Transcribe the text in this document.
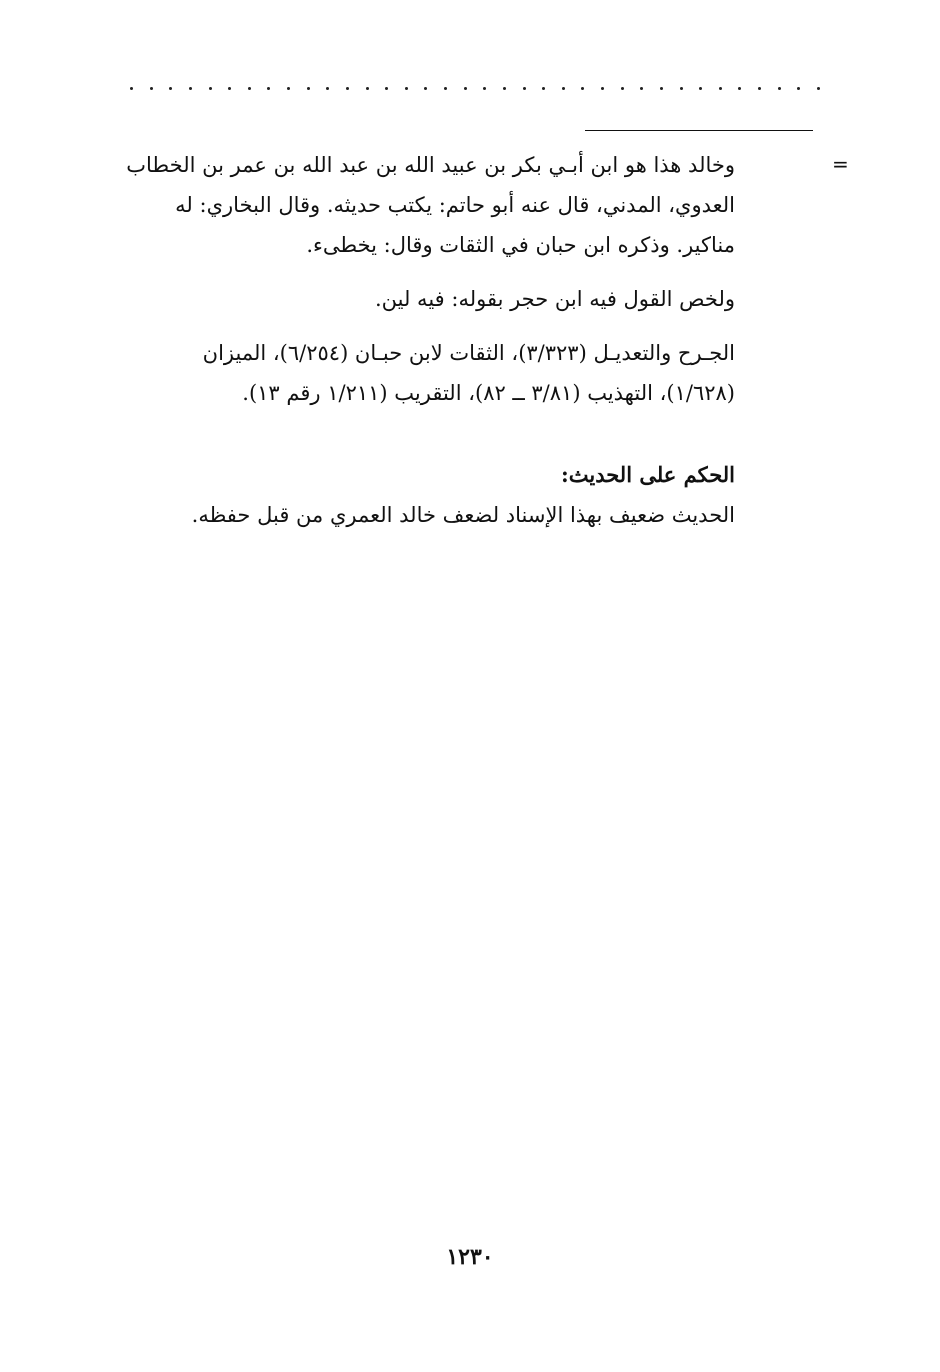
=
وخالد هذا هو ابن أبـي بكر بن عبيد الله بن عبد الله بن عمر بن الخطاب
العدوي، المدني، قال عنه أبو حاتم: يكتب حديثه. وقال البخاري: له
مناكير. وذكره ابن حبان في الثقات وقال: يخطىء.
ولخص القول فيه ابن حجر بقوله: فيه لين.
الجـرح والتعديـل (٣/٣٢٣)، الثقات لابن حبـان (٦/٢٥٤)، الميزان
(١/٦٢٨)، التهذيب (٣/٨١ ــ ٨٢)، التقريب (١/٢١١ رقم ١٣).
الحكم على الحديث:
الحديث ضعيف بهذا الإسناد لضعف خالد العمري من قبل حفظه.
١٢٣٠
